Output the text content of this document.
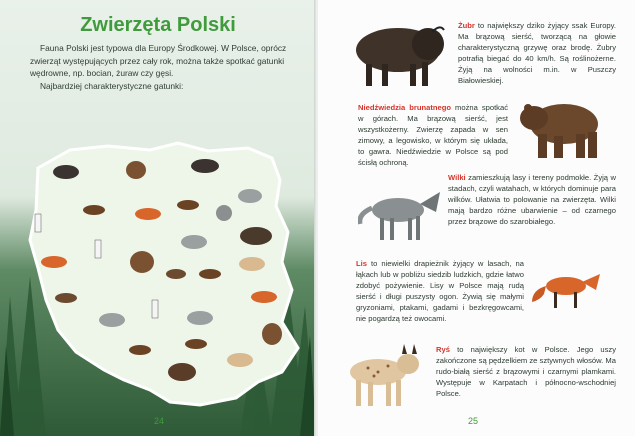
Zwierzęta Polski

Fauna Polski jest typowa dla Europy Środkowej. W Polsce, oprócz zwierząt występujących przez cały rok, można także spotkać gatunki wędrowne, np. bocian, żuraw czy gęsi.

Najbardziej charakterystyczne gatunki:

24

Żubr to największy dziko żyjący ssak Europy. Ma brązową sierść, tworzącą na głowie charakterystyczną grzywę oraz brodę. Żubry potrafią biegać do 40 km/h. Są roślinożerne. Żyją na wolności m.in. w Puszczy Białowieskiej.

Niedźwiedzia brunatnego można spotkać w górach. Ma brązową sierść, jest wszystkożerny. Zwierzę zapada w sen zimowy, a legowisko, w którym się układa, to gawra. Niedźwiedzie w Polsce są pod ścisłą ochroną.

Wilki zamieszkują lasy i tereny podmokłe. Żyją w stadach, czyli watahach, w których dominuje para wilków. Ułatwia to polowanie na zwierzęta. Wilki mają bardzo różne ubarwienie – od czarnego przez brązowe do szarobiałego.

Lis to niewielki drapieżnik żyjący w lasach, na łąkach lub w pobliżu siedzib ludzkich, gdzie łatwo zdobyć pożywienie. Lisy w Polsce mają rudą sierść i długi puszysty ogon. Żywią się małymi gryzoniami, ptakami, gadami i bezkręgowcami, nie pogardzą też owocami.

Ryś to największy kot w Polsce. Jego uszy zakończone są pędzelkiem ze sztywnych włosów. Ma rudo-białą sierść z brązowymi i czarnymi plamkami. Występuje w Karpatach i północno-wschodniej Polsce.

25
